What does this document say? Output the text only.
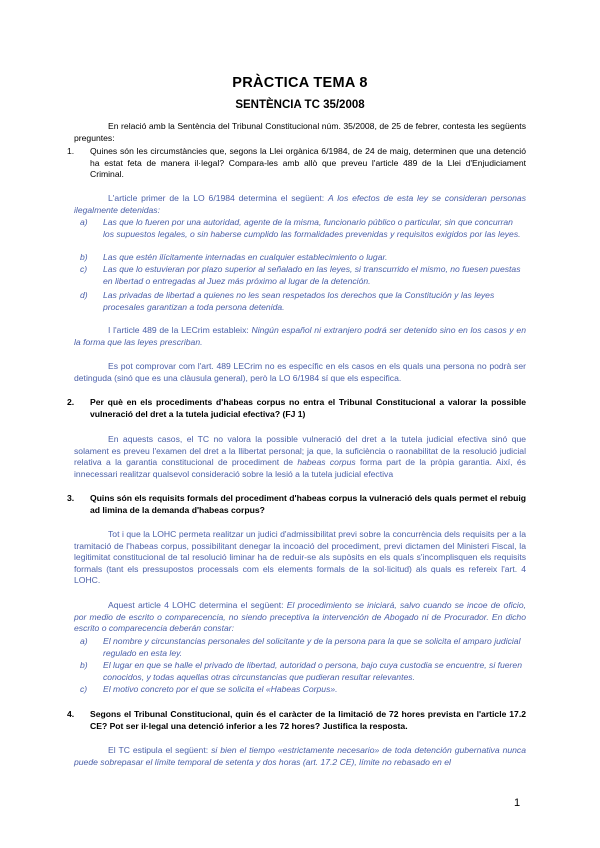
PRÀCTICA TEMA 8
SENTÈNCIA TC 35/2008
En relació amb la Sentència del Tribunal Constitucional núm. 35/2008, de 25 de febrer, contesta les següents preguntes:
1. Quines són les circumstàncies que, segons la Llei orgànica 6/1984, de 24 de maig, determinen que una detenció ha estat feta de manera il·legal? Compara-les amb allò que preveu l'article 489 de la Llei d'Enjudiciament Criminal.
L'article primer de la LO 6/1984 determina el següent: A los efectos de esta ley se consideran personas ilegalmente detenidas:
a) Las que lo fueren por una autoridad, agente de la misma, funcionario público o particular, sin que concurran los supuestos legales, o sin haberse cumplido las formalidades prevenidas y requisitos exigidos por las leyes.
b) Las que estén ilícitamente internadas en cualquier establecimiento o lugar.
c) Las que lo estuvieran por plazo superior al señalado en las leyes, si transcurrido el mismo, no fuesen puestas en libertad o entregadas al Juez más próximo al lugar de la detención.
d) Las privadas de libertad a quienes no les sean respetados los derechos que la Constitución y las leyes procesales garantizan a toda persona detenida.
I l'article 489 de la LECrim estableix: Ningún español ni extranjero podrá ser detenido sino en los casos y en la forma que las leyes prescriban.
Es pot comprovar com l'art. 489 LECrim no es específic en els casos en els quals una persona no podrà ser detinguda (sinó que es una clàusula general), però la LO 6/1984 sí que els especifica.
2. Per què en els procediments d'habeas corpus no entra el Tribunal Constitucional a valorar la possible vulneració del dret a la tutela judicial efectiva? (FJ 1)
En aquests casos, el TC no valora la possible vulneració del dret a la tutela judicial efectiva sinó que solament es preveu l'examen del dret a la llibertat personal; ja que, la suficiència o raonabilitat de la resolució judicial relativa a la garantia constitucional de procediment de habeas corpus forma part de la pròpia garantia. Així, és innecessari realitzar qualsevol consideració sobre la lesió a la tutela judicial efectiva
3. Quins són els requisits formals del procediment d'habeas corpus la vulneració dels quals permet el rebuig ad limina de la demanda d'habeas corpus?
Tot i que la LOHC permeta realitzar un judici d'admissibilitat previ sobre la concurrència dels requisits per a la tramitació de l'habeas corpus, possibilitant denegar la incoació del procediment, previ dictamen del Ministeri Fiscal, la legitimitat constitucional de tal resolució liminar ha de reduir-se als supòsits en els quals s'incomplisquen els requisits formals (tant els pressupostos processals com els elements formals de la sol·licitud) als quals es refereix l'art. 4 LOHC.
Aquest article 4 LOHC determina el següent: El procedimiento se iniciará, salvo cuando se incoe de oficio, por medio de escrito o comparecencia, no siendo preceptiva la intervención de Abogado ni de Procurador. En dicho escrito o comparecencia deberán constar:
a) El nombre y circunstancias personales del solicitante y de la persona para la que se solicita el amparo judicial regulado en esta ley.
b) El lugar en que se halle el privado de libertad, autoridad o persona, bajo cuya custodia se encuentre, si fueren conocidos, y todas aquellas otras circunstancias que pudieran resultar relevantes.
c) El motivo concreto por el que se solicita el «Habeas Corpus».
4. Segons el Tribunal Constitucional, quin és el caràcter de la limitació de 72 hores prevista en l'article 17.2 CE? Pot ser il·legal una detenció inferior a les 72 hores? Justifica la resposta.
El TC estipula el següent: si bien el tiempo «estrictamente necesario» de toda detención gubernativa nunca puede sobrepasar el límite temporal de setenta y dos horas (art. 17.2 CE), límite no rebasado en el
1
